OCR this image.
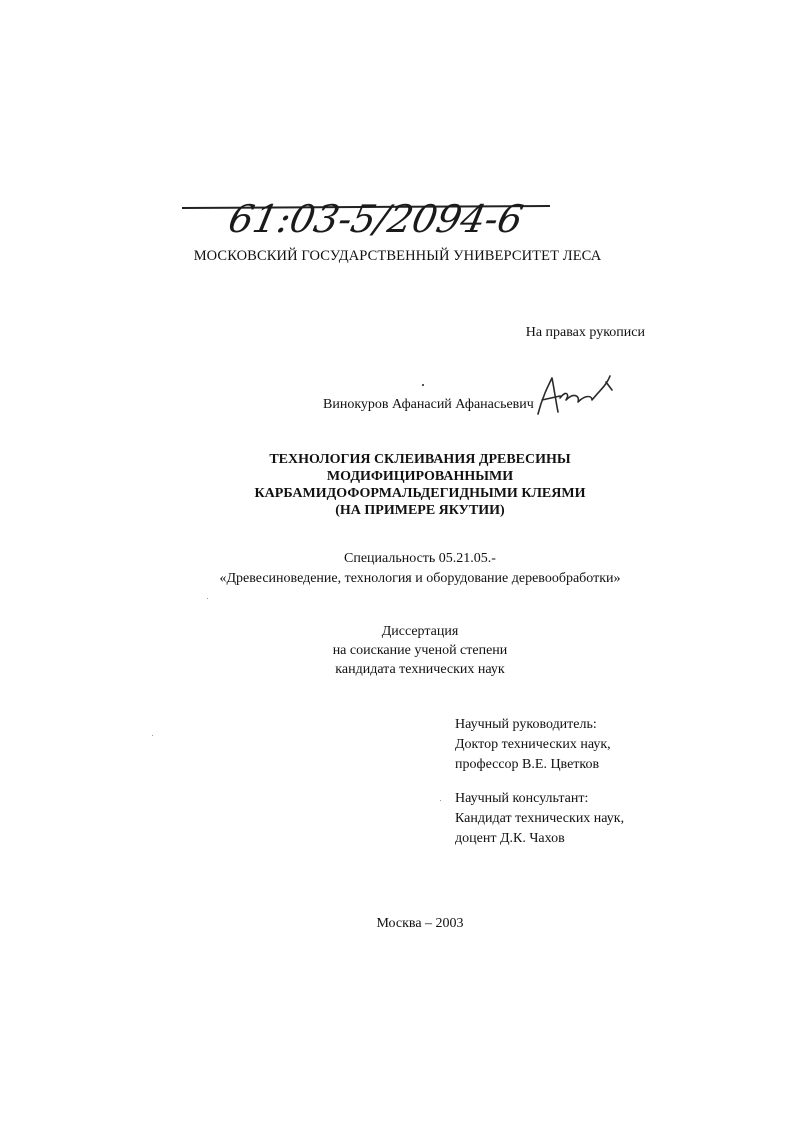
61:03-5/2094-6
МОСКОВСКИЙ ГОСУДАРСТВЕННЫЙ УНИВЕРСИТЕТ ЛЕСА
На правах рукописи
Винокуров Афанасий Афанасьевич
ТЕХНОЛОГИЯ СКЛЕИВАНИЯ ДРЕВЕСИНЫ
МОДИФИЦИРОВАННЫМИ
КАРБАМИДОФОРМАЛЬДЕГИДНЫМИ КЛЕЯМИ
(НА ПРИМЕРЕ ЯКУТИИ)
Специальность 05.21.05.-
«Древесиноведение, технология и оборудование деревообработки»
Диссертация
на соискание ученой степени
кандидата технических наук
Научный руководитель:
Доктор технических наук,
профессор В.Е. Цветков
Научный консультант:
Кандидат технических наук,
доцент Д.К. Чахов
Москва – 2003
